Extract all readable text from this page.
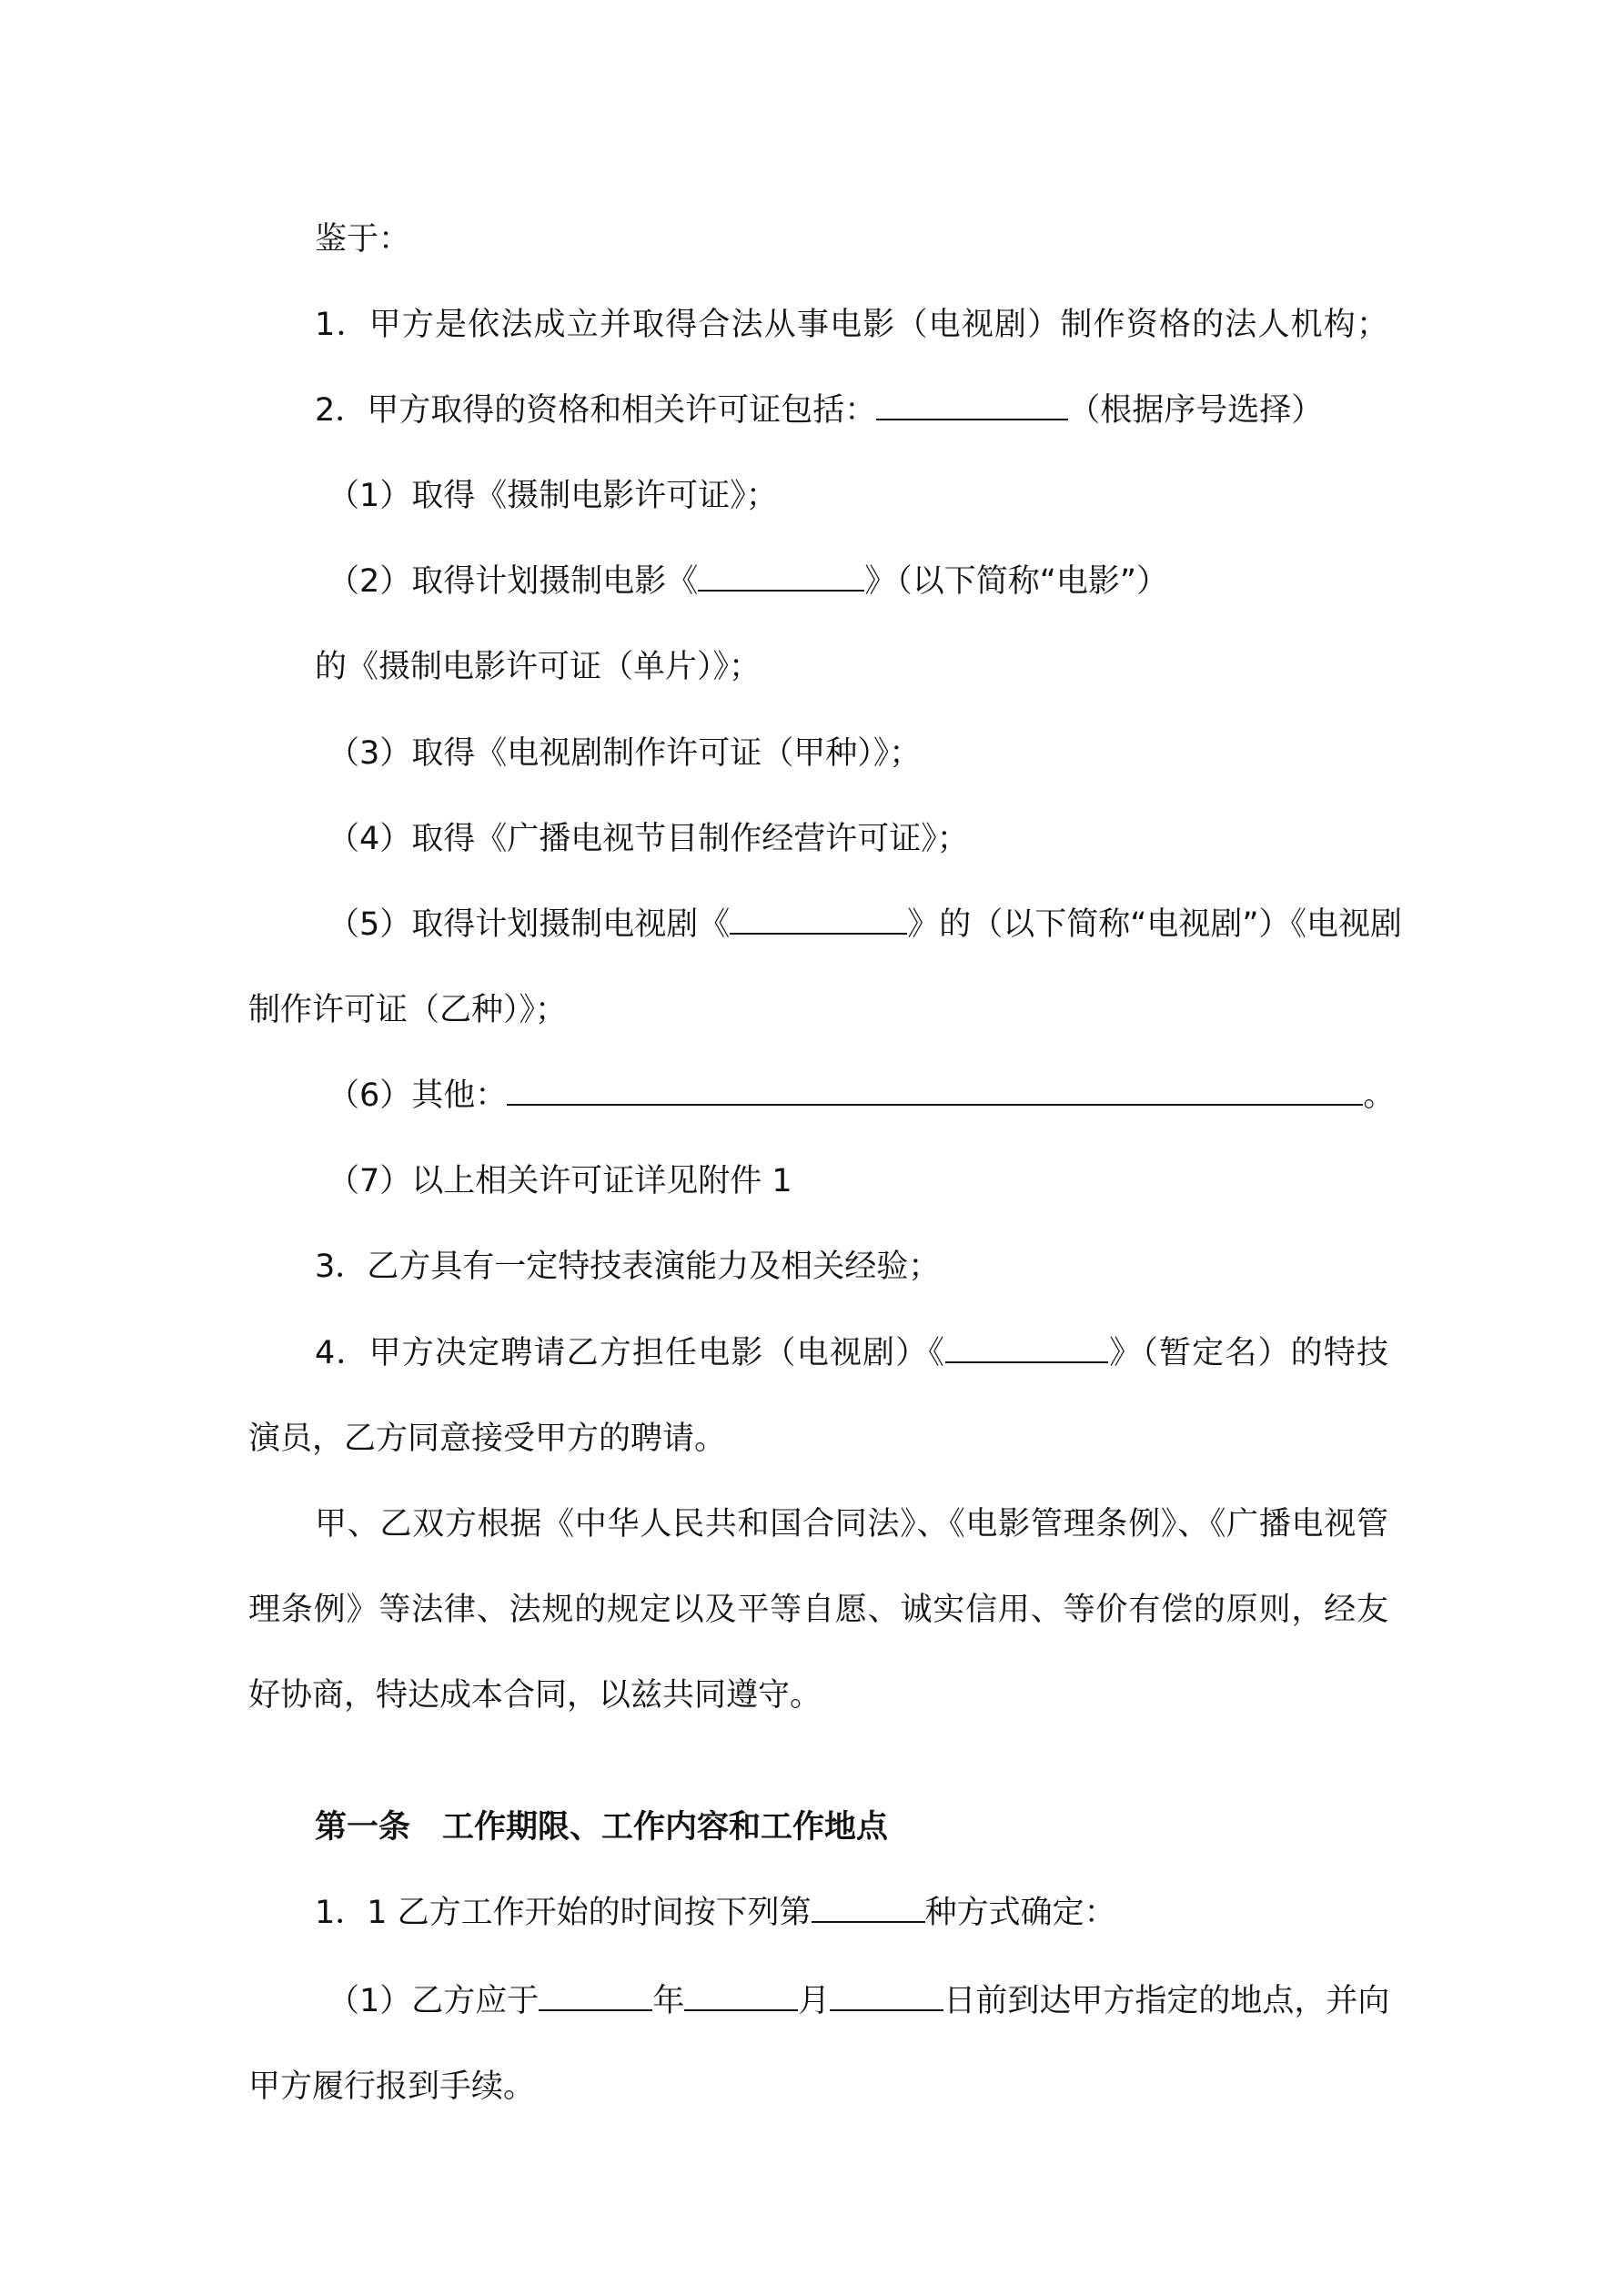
鉴于：
1．甲方是依法成立并取得合法从事电影（电视剧）制作资格的法人机构；
2．甲方取得的资格和相关许可证包括：	（根据序号选择）
（1）取得《摄制电影许可证》；
（2）取得计划摄制电影《	》（以下简称“电影”）
的《摄制电影许可证（单片）》；
（3）取得《电视剧制作许可证（甲种）》；
（4）取得《广播电视节目制作经营许可证》；
（5）取得计划摄制电视剧《	》的（以下简称“电视剧”）《电视剧
制作许可证（乙种）》；
（6）其他：	。
（7）以上相关许可证详见附件 1
3．乙方具有一定特技表演能力及相关经验；
4．甲方决定聘请乙方担任电影（电视剧）《	》（暂定名）的特技
演员，乙方同意接受甲方的聘请。
甲、乙双方根据《中华人民共和国合同法》、《电影管理条例》、《广播电视管
理条例》等法律、法规的规定以及平等自愿、诚实信用、等价有偿的原则，经友
好协商，特达成本合同，以兹共同遵守。
第一条　工作期限、工作内容和工作地点
1．1 乙方工作开始的时间按下列第	种方式确定：
（1）乙方应于	年	月	日前到达甲方指定的地点，并向
甲方履行报到手续。
